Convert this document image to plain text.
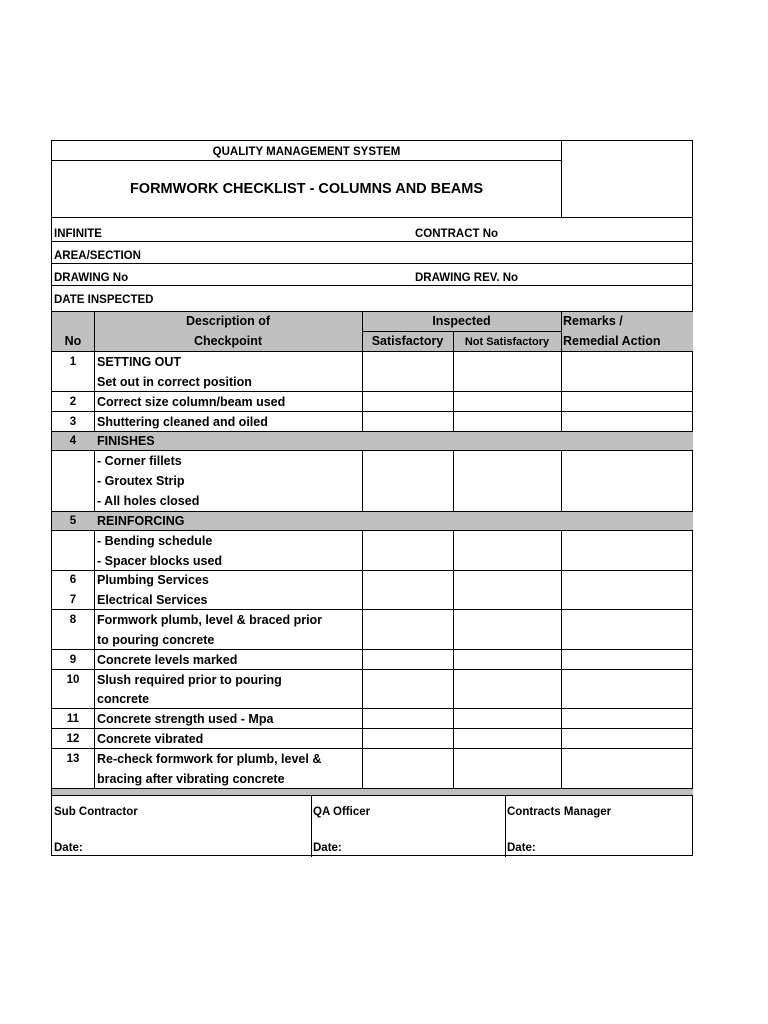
QUALITY MANAGEMENT SYSTEM
FORMWORK CHECKLIST - COLUMNS AND BEAMS
INFINITE	CONTRACT No
AREA/SECTION
DRAWING No	DRAWING REV. No
DATE INSPECTED
No
Description of
Checkpoint
Inspected
Satisfactory	Not Satisfactory
Remarks /
Remedial Action
1	SETTING OUT
Set out in correct position
2	Correct size column/beam used
3	Shuttering cleaned and oiled
4	FINISHES
- Corner fillets
- Groutex Strip
- All holes closed
5	REINFORCING
- Bending schedule
- Spacer blocks used
6	Plumbing Services
7	Electrical Services
8	Formwork plumb, level & braced prior
to pouring concrete
9	Concrete levels marked
10	Slush required prior to pouring
concrete
11	Concrete strength used - Mpa
12	Concrete vibrated
13	Re-check formwork for plumb, level &
bracing after vibrating concrete
Sub Contractor	QA Officer	Contracts Manager
Date:	Date:	Date:
